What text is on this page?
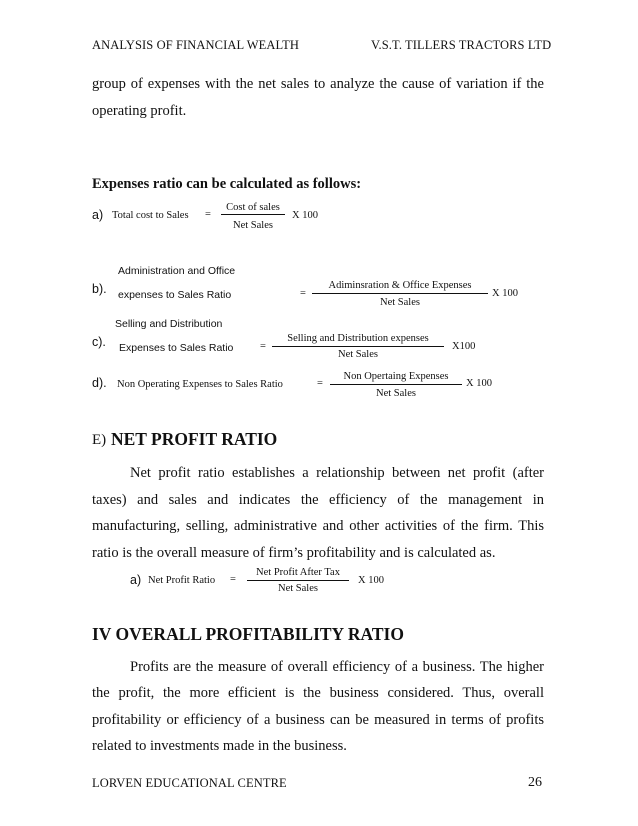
ANALYSIS OF FINANCIAL WEALTH	V.S.T. TILLERS TRACTORS LTD
group of expenses with the net sales to analyze the cause of variation if the
operating profit.
Expenses ratio can be calculated as follows:
a) Total cost to Sales =
Cost of sales
Net Sales
X 100
b).
Administration and Office
expenses to Sales Ratio	=
Adiminsration & Office Expenses
Net Sales
X 100
c).
Selling and Distribution
Expenses to Sales Ratio	=
Selling and Distribution expenses
Net Sales
X100
d). Non Operating Expenses to Sales Ratio	=
Non Opertaing Expenses
Net Sales
X 100
E) NET PROFIT RATIO
Net profit ratio establishes a relationship between net profit (after
taxes) and sales and indicates the efficiency of the management in
manufacturing, selling, administrative and other activities of the firm. This
ratio is the overall measure of firm’s profitability and is calculated as.
a) Net Profit Ratio =
Net Profit After Tax
Net Sales
X 100
IV OVERALL PROFITABILITY RATIO
Profits are the measure of overall efficiency of a business. The higher
the profit, the more efficient is the business considered. Thus, overall
profitability or efficiency of a business can be measured in terms of profits
related to investments made in the business.
LORVEN EDUCATIONAL CENTRE	26
